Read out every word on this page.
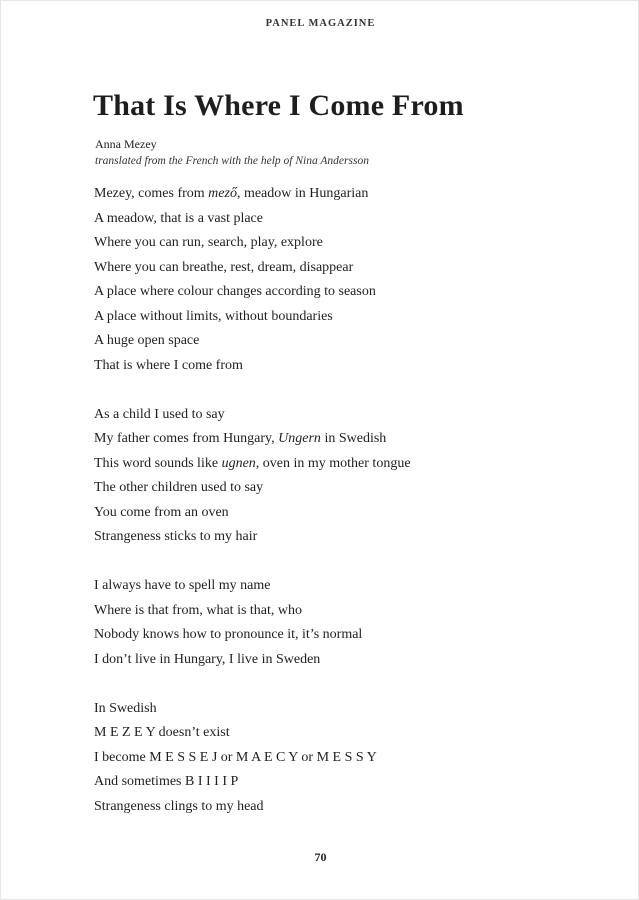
PANEL MAGAZINE
That Is Where I Come From
Anna Mezey
translated from the French with the help of Nina Andersson
Mezey, comes from mező, meadow in Hungarian
A meadow, that is a vast place
Where you can run, search, play, explore
Where you can breathe, rest, dream, disappear
A place where colour changes according to season
A place without limits, without boundaries
A huge open space
That is where I come from
As a child I used to say
My father comes from Hungary, Ungern in Swedish
This word sounds like ugnen, oven in my mother tongue
The other children used to say
You come from an oven
Strangeness sticks to my hair
I always have to spell my name
Where is that from, what is that, who
Nobody knows how to pronounce it, it’s normal
I don’t live in Hungary, I live in Sweden
In Swedish
M E Z E Y doesn’t exist
I become M E S S E J or M A E C Y or M E S S Y
And sometimes B I I I I P
Strangeness clings to my head
70
